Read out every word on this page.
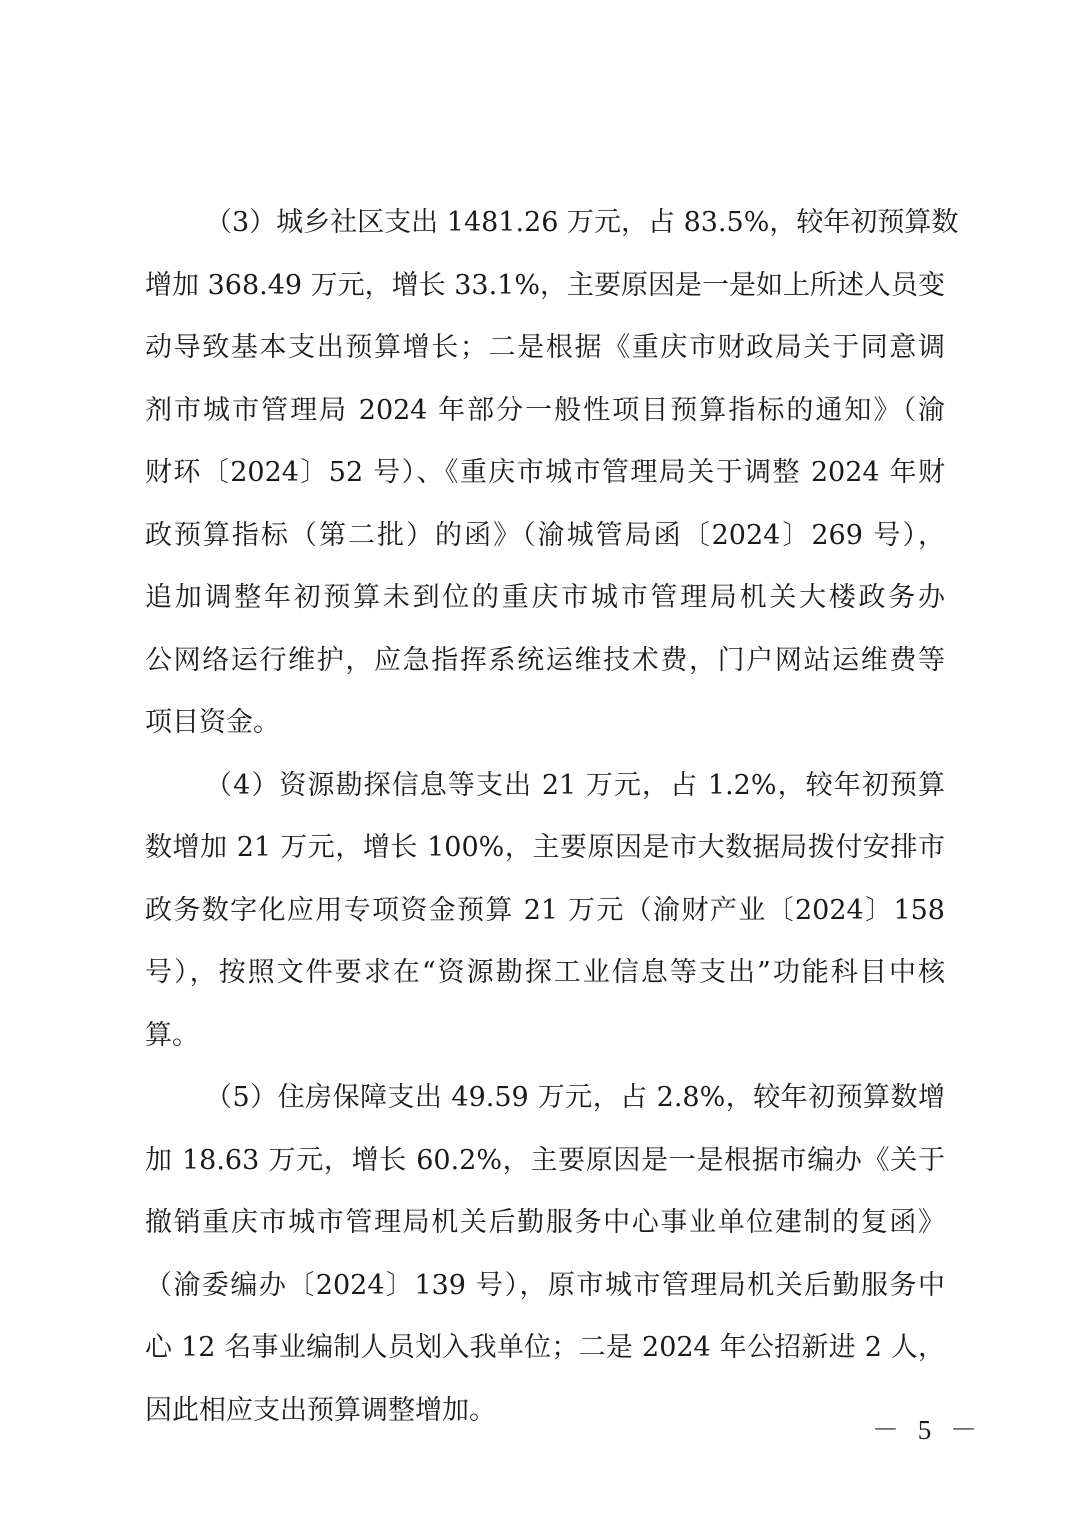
（3）城乡社区支出 1481.26 万元，占 83.5%，较年初预算数
增加 368.49 万元，增长 33.1%，主要原因是一是如上所述人员变
动导致基本支出预算增长；二是根据《重庆市财政局关于同意调
剂市城市管理局 2024 年部分一般性项目预算指标的通知》（渝
财环〔2024〕52 号）、《重庆市城市管理局关于调整 2024 年财
政预算指标（第二批）的函》（渝城管局函〔2024〕269 号），
追加调整年初预算未到位的重庆市城市管理局机关大楼政务办
公网络运行维护，应急指挥系统运维技术费，门户网站运维费等
项目资金。
（4）资源勘探信息等支出 21 万元，占 1.2%，较年初预算
数增加 21 万元，增长 100%，主要原因是市大数据局拨付安排市
政务数字化应用专项资金预算 21 万元（渝财产业〔2024〕158
号），按照文件要求在“资源勘探工业信息等支出”功能科目中核
算。
（5）住房保障支出 49.59 万元，占 2.8%，较年初预算数增
加 18.63 万元，增长 60.2%，主要原因是一是根据市编办《关于
撤销重庆市城市管理局机关后勤服务中心事业单位建制的复函》
（渝委编办〔2024〕139 号），原市城市管理局机关后勤服务中
心 12 名事业编制人员划入我单位；二是 2024 年公招新进 2 人，
因此相应支出预算调整增加。
－ 5 －
